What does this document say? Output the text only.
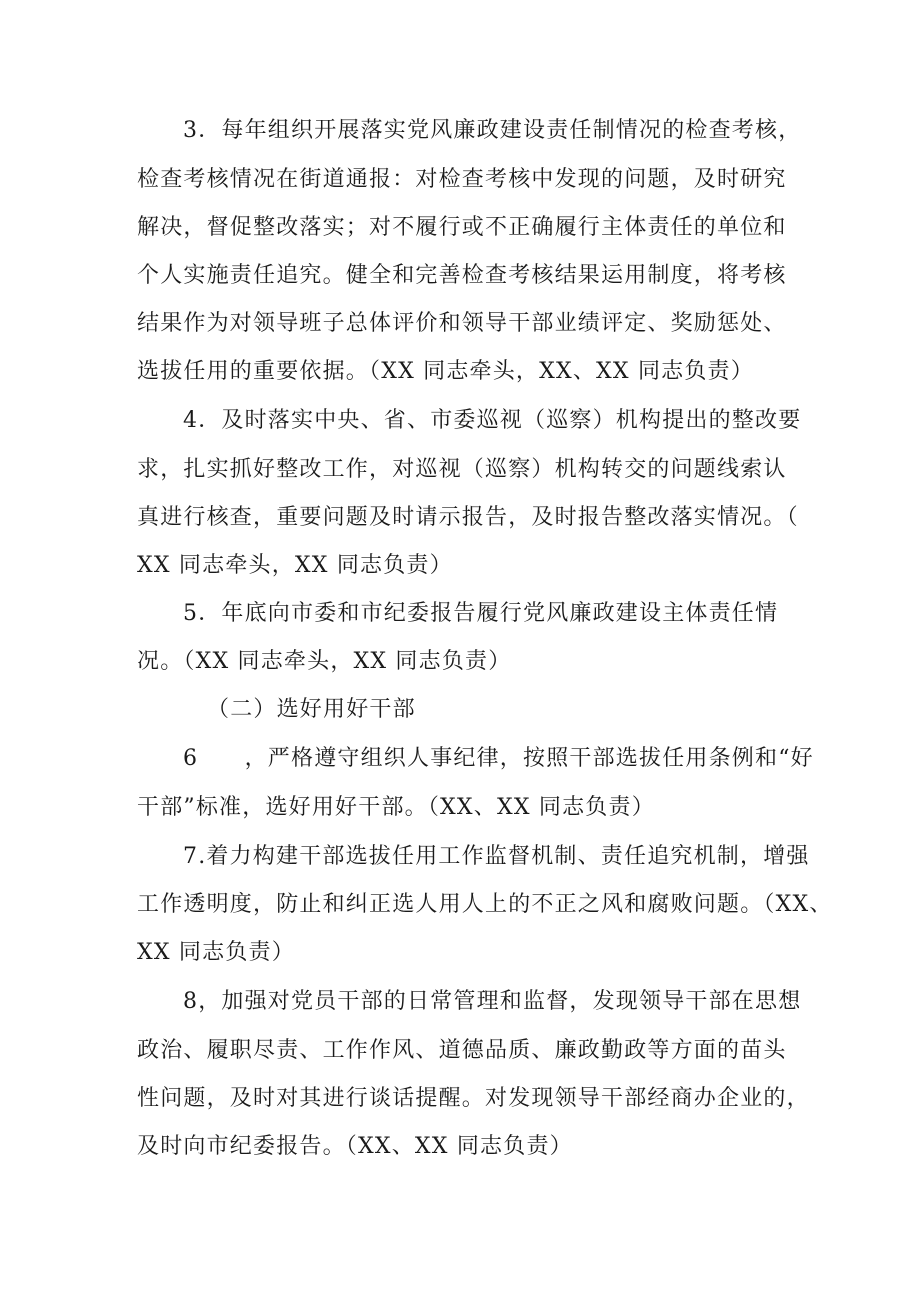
3．每年组织开展落实党风廉政建设责任制情况的检查考核，
检查考核情况在街道通报：对检查考核中发现的问题，及时研究
解决，督促整改落实；对不履行或不正确履行主体责任的单位和
个人实施责任追究。健全和完善检查考核结果运用制度，将考核
结果作为对领导班子总体评价和领导干部业绩评定、奖励惩处、
选拔任用的重要依据。（XX 同志牵头，XX、XX 同志负责）
4．及时落实中央、省、市委巡视（巡察）机构提出的整改要
求，扎实抓好整改工作，对巡视（巡察）机构转交的问题线索认
真进行核查，重要问题及时请示报告，及时报告整改落实情况。（
XX 同志牵头，XX 同志负责）
5．年底向市委和市纪委报告履行党风廉政建设主体责任情
况。（XX 同志牵头，XX 同志负责）
（二）选好用好干部
6　　，严格遵守组织人事纪律，按照干部选拔任用条例和“好
干部”标准，选好用好干部。（XX、XX 同志负责）
7.着力构建干部选拔任用工作监督机制、责任追究机制，增强
工作透明度，防止和纠正选人用人上的不正之风和腐败问题。（XX、
XX 同志负责）
8，加强对党员干部的日常管理和监督，发现领导干部在思想
政治、履职尽责、工作作风、道德品质、廉政勤政等方面的苗头
性问题，及时对其进行谈话提醒。对发现领导干部经商办企业的，
及时向市纪委报告。（XX、XX 同志负责）
